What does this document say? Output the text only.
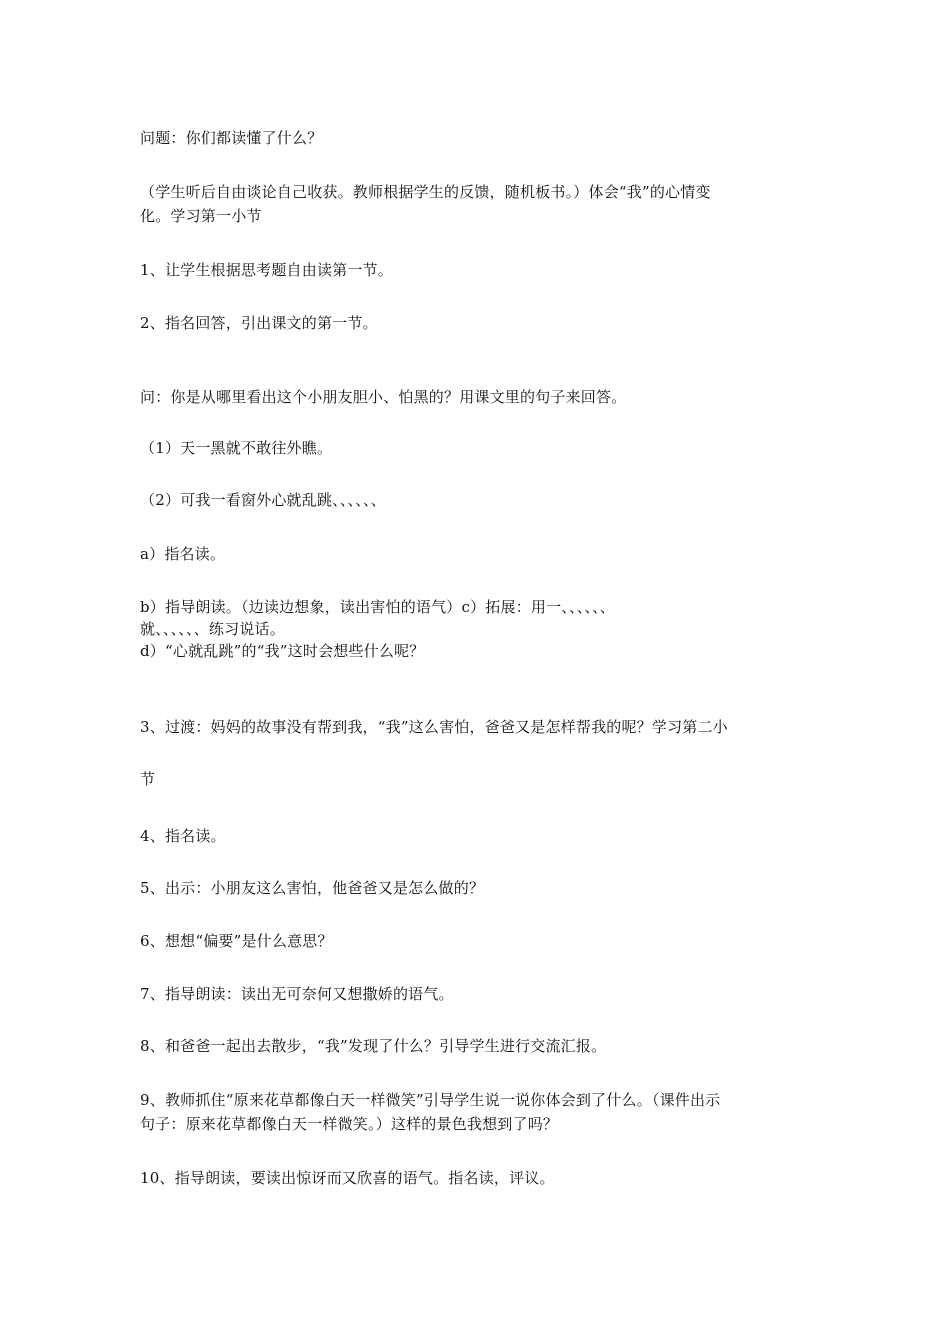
问题：你们都读懂了什么？
（学生听后自由谈论自己收获。教师根据学生的反馈，随机板书。）体会“我”的心情变
化。学习第一小节
1、让学生根据思考题自由读第一节。
2、指名回答，引出课文的第一节。
问：你是从哪里看出这个小朋友胆小、怕黑的？用课文里的句子来回答。
（1）天一黑就不敢往外瞧。
（2）可我一看窗外心就乱跳、、、、、、
a）指名读。
b）指导朗读。（边读边想象，读出害怕的语气）c）拓展：用一、、、、、、
就、、、、、、练习说话。
d）“心就乱跳”的“我”这时会想些什么呢？
3、过渡：妈妈的故事没有帮到我，“我”这么害怕，爸爸又是怎样帮我的呢？学习第二小
节
4、指名读。
5、出示：小朋友这么害怕，他爸爸又是怎么做的？
6、想想“偏要”是什么意思？
7、指导朗读：读出无可奈何又想撒娇的语气。
8、和爸爸一起出去散步，“我”发现了什么？引导学生进行交流汇报。
9、教师抓住“原来花草都像白天一样微笑”引导学生说一说你体会到了什么。（课件出示
句子：原来花草都像白天一样微笑。）这样的景色我想到了吗？
10、指导朗读，要读出惊讶而又欣喜的语气。指名读，评议。
